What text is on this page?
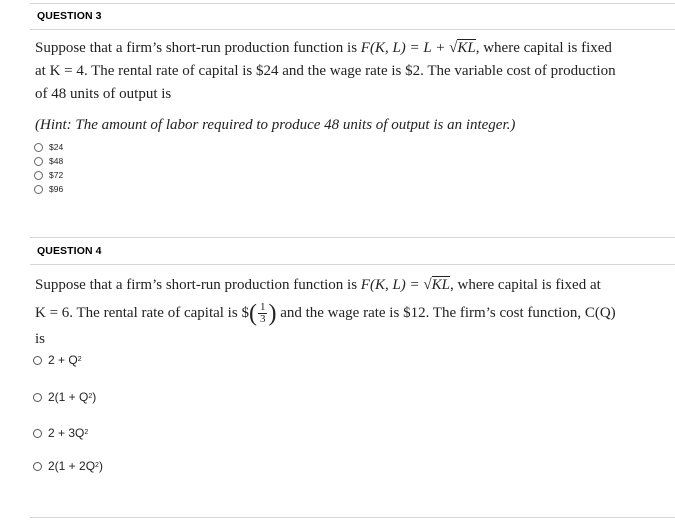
QUESTION 3
Suppose that a firm’s short-run production function is F(K, L) = L + √KL, where capital is fixed
at K = 4. The rental rate of capital is $24 and the wage rate is $2. The variable cost of production
of 48 units of output is
(Hint: The amount of labor required to produce 48 units of output is an integer.)
$24
$48
$72
$96
QUESTION 4
Suppose that a firm’s short-run production function is F(K, L) = √KL, where capital is fixed at
K = 6. The rental rate of capital is $( $\frac{1}{3}$ ) and the wage rate is $12. The firm’s cost function, C(Q)
is
2 + Q 2
2(1 + Q 2 )
2 + 3Q 2
2(1 + 2Q 2 )
